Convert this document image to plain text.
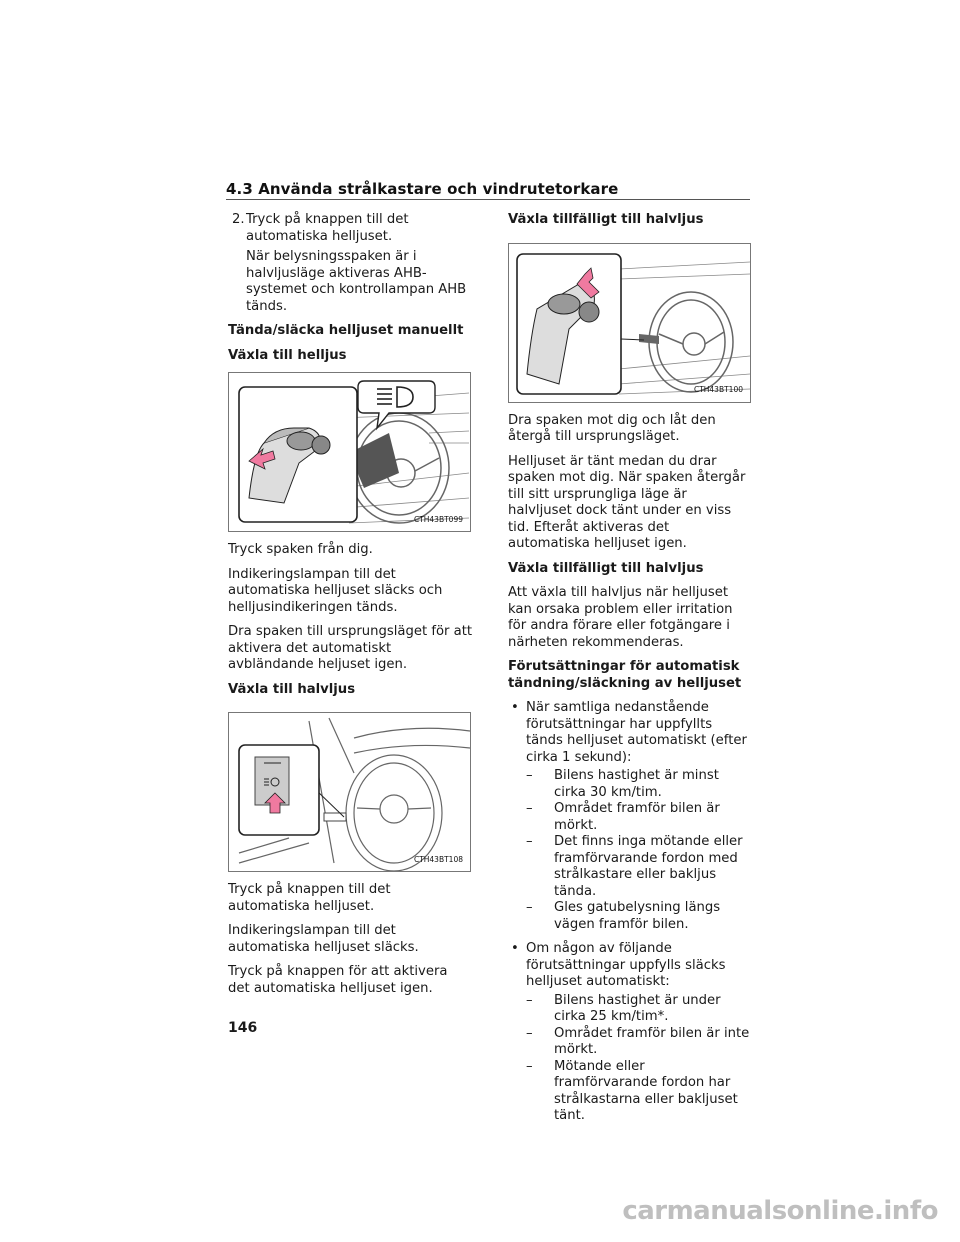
4.3 Använda strålkastare och vindrutetorkare
2. Tryck på knappen till det automatiska helljuset.

När belysningsspaken är i halvljusläge aktiveras AHB-systemet och kontrollampan AHB tänds.

Tända/släcka helljuset manuellt
Växla till helljus
CTH43BT099

Tryck spaken från dig.

Indikeringslampan till det automatiska helljuset släcks och helljusindikeringen tänds.

Dra spaken till ursprungsläget för att aktivera det automatiskt avbländande heljuset igen.

Växla till halvljus
CTH43BT108

Tryck på knappen till det automatiska helljuset.

Indikeringslampan till det automatiska helljuset släcks.

Tryck på knappen för att aktivera det automatiska helljuset igen.

Växla tillfälligt till halvljus
CTH43BT100

Dra spaken mot dig och låt den återgå till ursprungsläget.

Helljuset är tänt medan du drar spaken mot dig. När spaken återgår till sitt ursprungliga läge är halvljuset dock tänt under en viss tid. Efteråt aktiveras det automatiska helljuset igen.

Växla tillfälligt till halvljus

Att växla till halvljus när helljuset kan orsaka problem eller irritation för andra förare eller fotgängare i närheten rekommenderas.

Förutsättningar för automatisk tändning/släckning av helljuset
• När samtliga nedanstående förutsättningar har uppfyllts tänds helljuset automatiskt (efter cirka 1 sekund):
– Bilens hastighet är minst cirka 30 km/tim.
– Området framför bilen är mörkt.
– Det finns inga mötande eller framförvarande fordon med strålkastare eller bakljus tända.
– Gles gatubelysning längs vägen framför bilen.
• Om någon av följande förutsättningar uppfylls släcks helljuset automatiskt:
– Bilens hastighet är under cirka 25 km/tim*.
– Området framför bilen är inte mörkt.
– Mötande eller framförvarande fordon har strålkastarna eller bakljuset tänt.
146
carmanualsonline.info
